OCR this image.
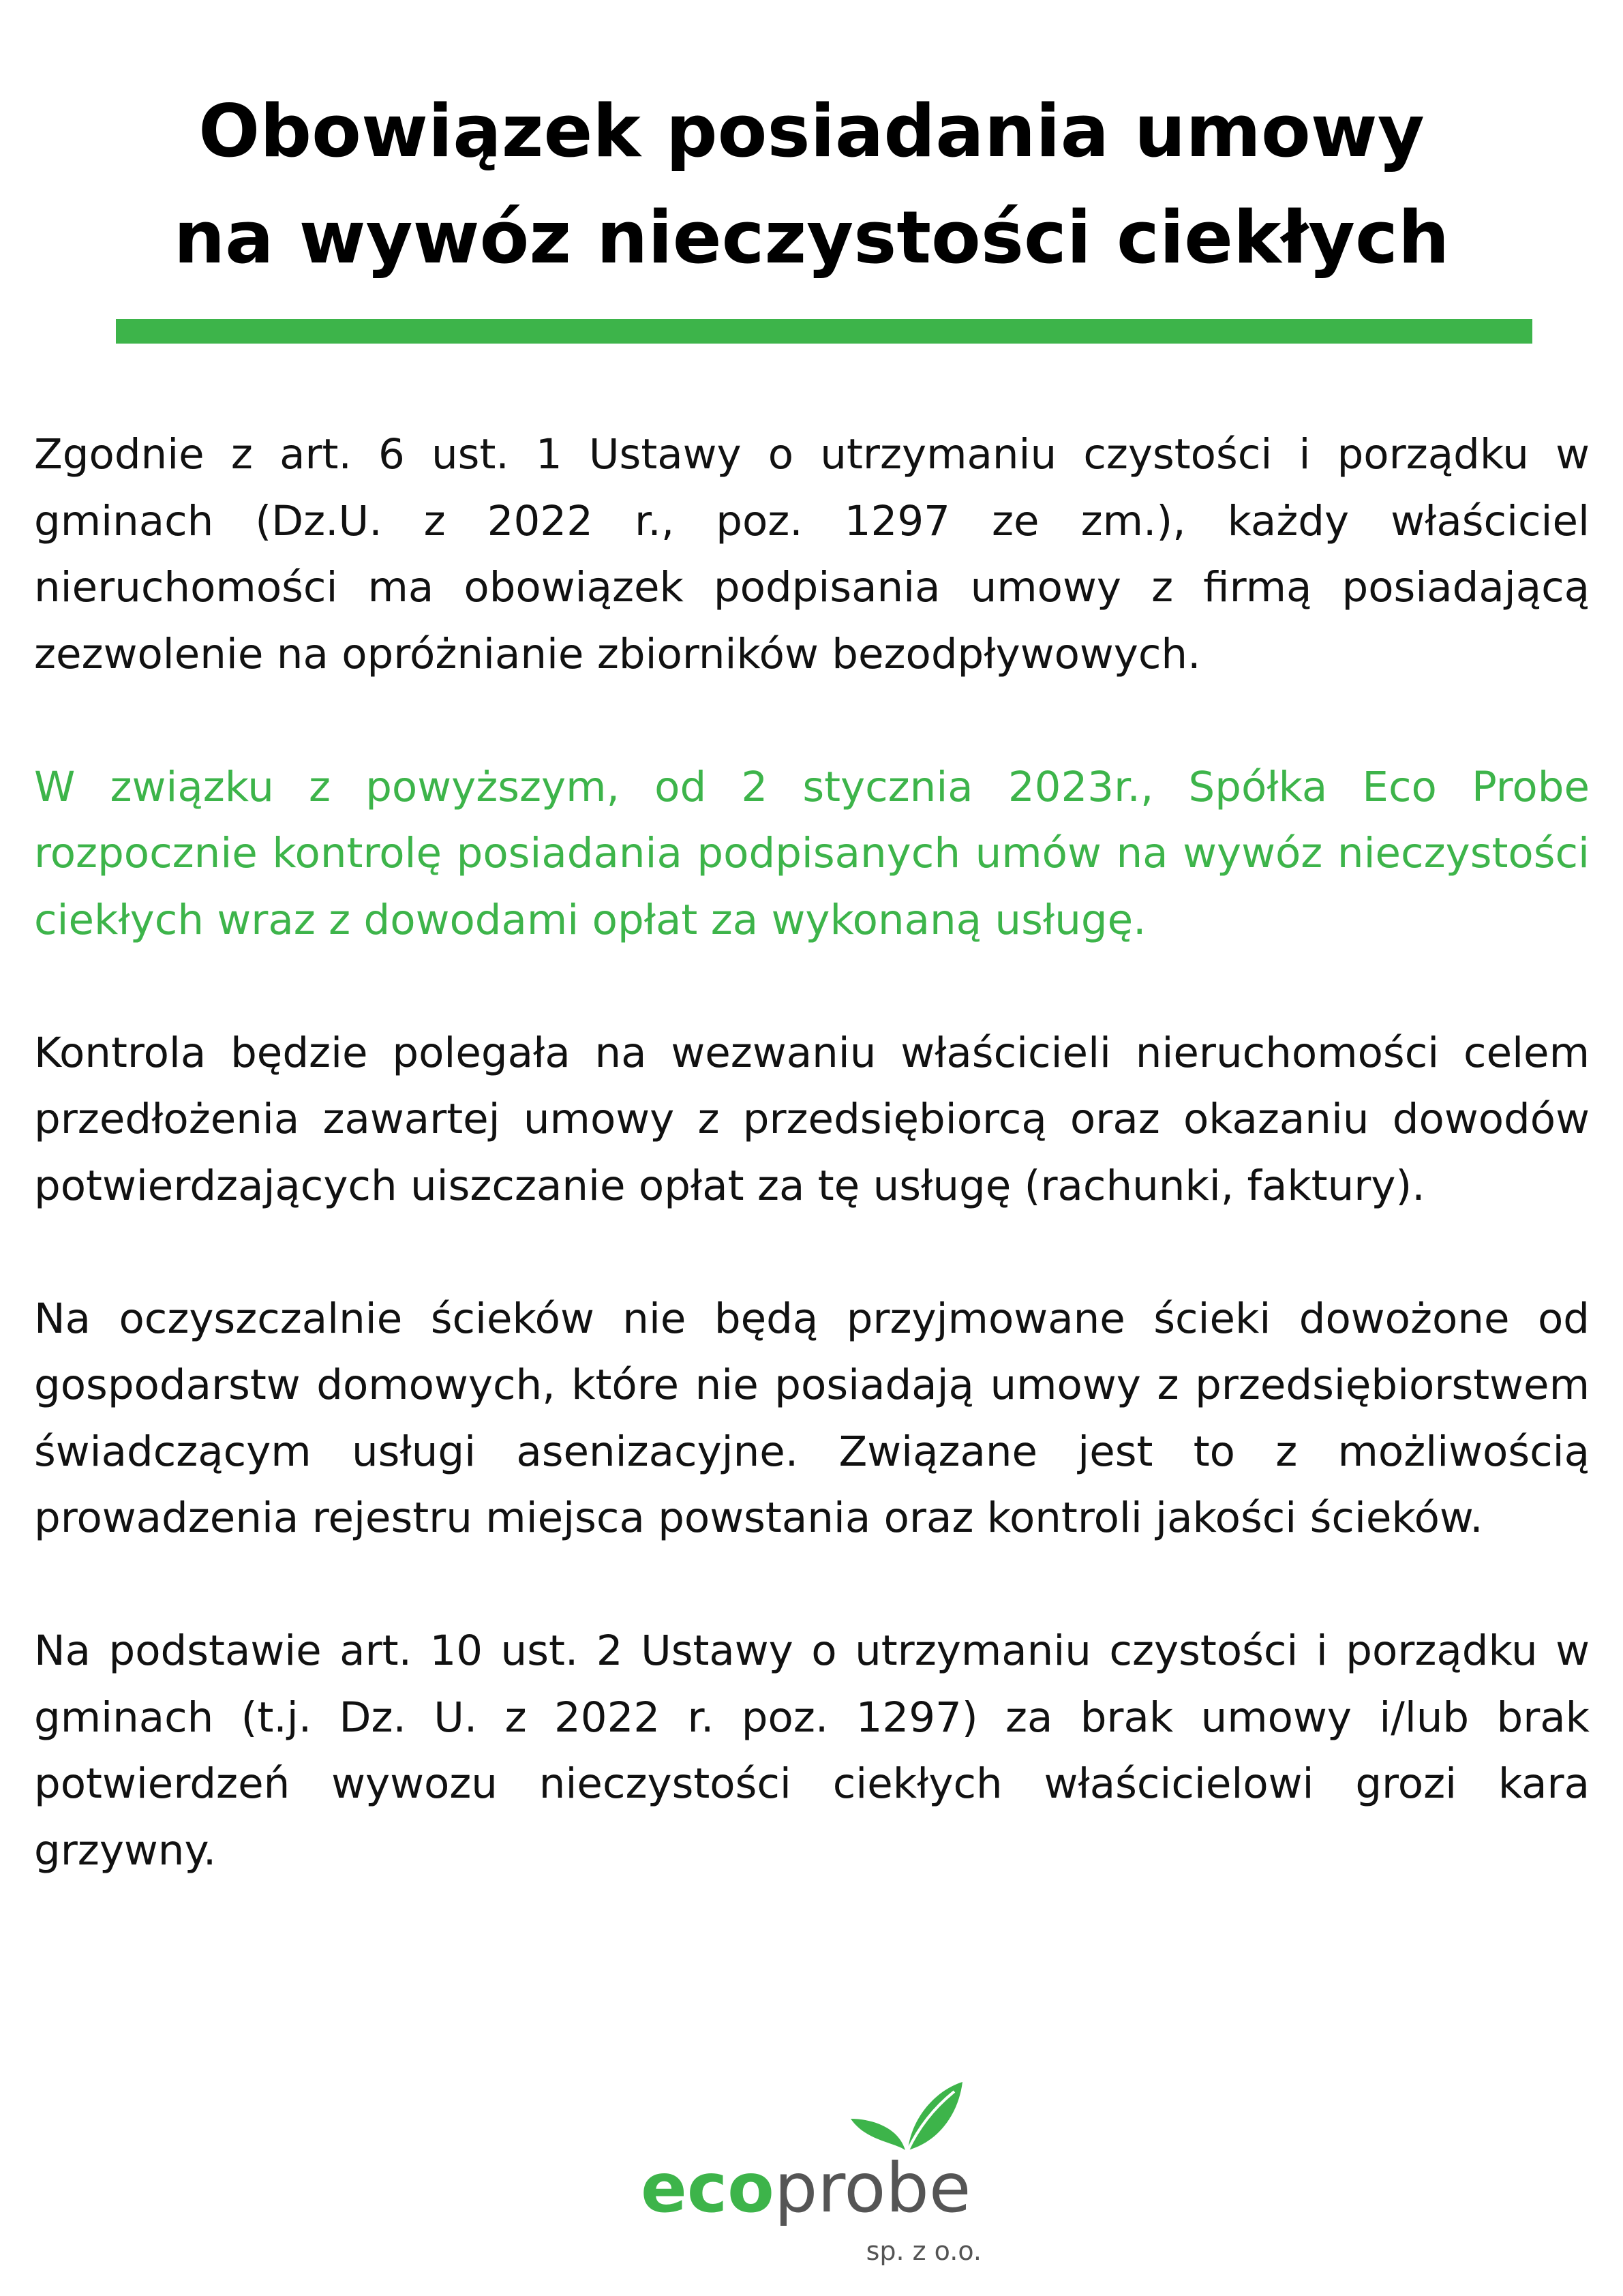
Obowiązek posiadania umowy
na wywóz nieczystości ciekłych

Zgodnie z art. 6 ust. 1 Ustawy o utrzymaniu czystości i porządku w gminach (Dz.U. z 2022 r., poz. 1297 ze zm.), każdy właściciel nieruchomości ma obowiązek podpisania umowy z firmą posiadającą zezwolenie na opróżnianie zbiorników bezodpływowych.

W związku z powyższym, od 2 stycznia 2023r., Spółka Eco Probe rozpocznie kontrolę posiadania podpisanych umów na wywóz nieczystości ciekłych wraz z dowodami opłat za wykonaną usługę.

Kontrola będzie polegała na wezwaniu właścicieli nieruchomości celem przedłożenia zawartej umowy z przedsiębiorcą oraz okazaniu dowodów potwierdzających uiszczanie opłat za tę usługę (rachunki, faktury).

Na oczyszczalnie ścieków nie będą przyjmowane ścieki dowożone od gospodarstw domowych, które nie posiadają umowy z przedsiębiorstwem świadczącym usługi asenizacyjne. Związane jest to z możliwością prowadzenia rejestru miejsca powstania oraz kontroli jakości ścieków.

Na podstawie art. 10 ust. 2 Ustawy o utrzymaniu czystości i porządku w gminach (t.j. Dz. U. z 2022 r. poz. 1297) za brak umowy i/lub brak potwierdzeń wywozu nieczystości ciekłych właścicielowi grozi kara grzywny.

ecoprobe
sp. z o.o.
